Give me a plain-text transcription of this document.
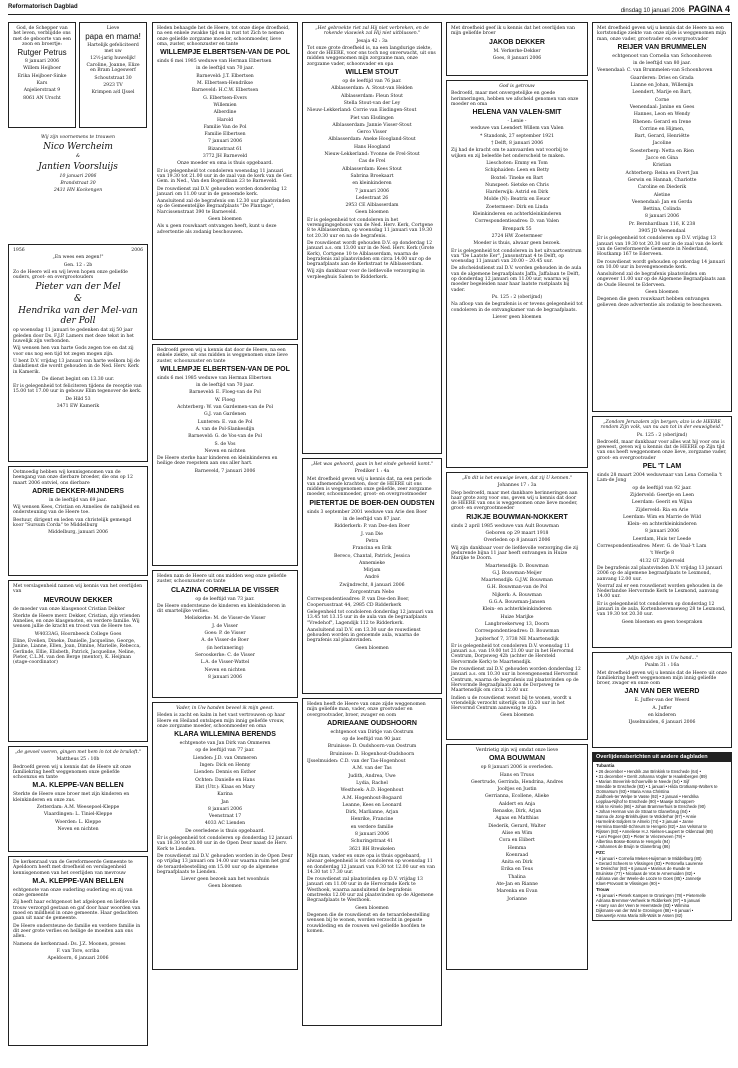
Reformatorisch Dagblad
dinsdag 10 januari 2006 PAGINA 4

God, de Schepper van het leven, verblijdde ons met de geboorte van een zoon en broertje:

Rutger Petrus

8 januari 2006

Willem Heijboer

Erika Heijboer-Sinke

Kars

Anjelierstraat 9

8061 AN Urscht

Lieve

papa en mama!

Hartelijk gefeliciteerd met uw

12½-jarig huwelijk!

Caroline, Joanne, Elize en Bram Logeswerf

Schoutstraat 30

2923 TV

Krimpen a/d IJssel

Wij zijn voornemens te trouwen

Nico Wercheim

&

Jantien Voorsluijs

10 januari 2006

Brandstraat 30

2431 HN Kockengen

1956	2006

„En wees een zegen!"

Gen. 12 : 2b

Zo de Heere wil en wij leven hopen onze geliefde ouders, groot- en overgrootouders

Pieter van der Mel

&

Hendrika van der Mel-van der Poll

op woensdag 11 januari te gedenken dat zij 50 jaar geleden door Ds. F.J.P. Lamers met deze tekst in het huwelijk zijn verbonden.

Wij wensen hen van harte Gods zegen toe en dat zij voor ons nog een tijd tot zegen mogen zijn.

U bent D.V. vrijdag 13 januari van harte welkom bij de dankdienst die wordt gehouden in de Ned. Herv. Kerk in Kamerik.

De dienst begint om 13.30 uur.

Er is gelegenheid tot feliciteren tijdens de receptie van 15.00 tot 17.00 uur in gebouw Elim tegenover de kerk.

De Hild 53

3471 EW Kamerik

Ootmoedig hebben wij kennisgenomen van de heengang van onze dierbare broeder, die ons op 12 maart 2006 ontviel, ons dierbare

ADRIE DEKKER-MIJNDERS

in de leeftijd van 69 jaar.

Wij wensen Kees, Cristian en Annelies de nabijheid en ondersteuning van de Heere toe.

Bestuur, dirigent en leden van christelijk gemengd koor "Sursum Corda" te Middelburg

Middelburg, januari 2006

Met verslagenheid namen wij kennis van het overlijden van

MEVROUW DEKKER

de moeder van onze klasgenoot Cristian Dekker

Sterkte de Heere mevr. Dekker, Cristian, zijn vrienden Annelies, en onze klasgenoten, en verdere familie. Wij wensen jullie de kracht en troost van de Heere toe.

W4033AG, Hoornbeeck College Goes

Eline, Evelien, Dineke, Danielle, Jacqueline, George, Janine, Lianne, Ellen, Joan, Dimine, Marielle, Rebecca, Gerlinde, Ellie, Elisbeth, Patrick, Jacqueline, Neline, Pieter, C.L.M. van den Berge (mentor), K. Heijman (stage-coordinator)

„de gevoel voeren, gingen met hem in tot de bruiloft."

Mattheus 25 : 10b

Bedroefd geven wij u kennis dat de Heere uit onze familiekring heeft weggenomen onze geliefde schoonzus en tante

M.A. KLEPPE-VAN BELLEN

Sterkte de Heere onze broer met zijn kinderen en kleinkinderen en onze zus.

Zetterdam: A.M. Weesepoel-Kleppe

Vlaardingen: L. Tiniel-Kleppe

Woerden: L. Kleppe

Neven en nichten

De kerkenraad van de Gereformeerde Gemeente te Apeldoorn heeft met droefheid en verslagenheid kennisgenomen van het overlijden van mevrouw

M.A. KLEPPE-VAN BELLEN

echtgenote van onze ouderling ouderling en zij van onze gemeente

Zij heeft haar echtgenoot het afgelopen en liefdevolle trouw verzorgd gestaan en gaf door haar woorden van moed en mildheid in onze gemeente. Haar gedachten gaan uit naar de gemeente.

De Heere ondersteune de familie en verdere familie in dit zeer grote verlies en heilige de moeiten aan ons allen.

Namens de kerkenraad: Ds. J.Z. Moonen, preses

F. van Tore, scriba

Apeldoorn, 6 januari 2006

Heden behaagde het de Heere, tot onze diepe droefheid, na een enkele zwakke tijd en in rust tot Zich te nemen onze geliefde zorgzame moeder, schoonmoeder, lieve oma, zuster, schoonzuster en tante

WILLEMPJE ELBERTSEN-VAN DE POL

sinds 6 mei 1985 weduwe van Herman Elbertsen

in de leeftijd van 70 jaar.

Barneveld: J.T. Elbertsen

M. Elbertsen-Hendrikse

Barneveld: H.C.W. Elbertsen

G. Elbertsen-Evers

Willemien

Alberdine

Harold

Familie Van de Pol

Familie Elbertsen

7 januari 2006

Bizanstraat 61

3772 JH Barneveld

Onze moeder en oma is thuis opgebaard.

Er is gelegenheid tot condoleren woensdag 11 januari van 19.30 tot 21.00 uur in de zaal van de kerk van de Ger. Gem. in Ned., Van den Bogerdlaan 23 te Barneveld.

De rouwdienst zal D.V. gehouden worden donderdag 12 januari om 11.00 uur in de genoemde kerk.

Aansluitend zal de begrafenis om 12.30 uur plaatsvinden op de Gemeentelijke Begraafplaats "De Plantage", Narcissenstraat 390 te Barneveld.

Geen bloemen

Als u geen rouwkaart ontvangen heeft, kunt u deze advertentie als zodanig beschouwen.

Bedroefd geven wij u kennis dat door de Heere, na een enkele ziekte, uit ons midden is weggenomen onze lieve zuster, schoonzuster en tante

WILLEMPJE ELBERTSEN-VAN DE POL

sinds 6 mei 1985 weduwe van Herman Elbertsen

in de leeftijd van 70 jaar.

Barneveld: E. Floeg-van de Pol

W. Floeg

Achterberg: W. van Gardemen-van de Pol

G.J. van Gardenen

Lunteren: E. van de Pol

A. van de Pol-Slankesdijn

Barneveld: G. de Vos-van de Pol

S. de Vos

Neven en nichten

De Heere sterke haar kinderen en kleinkinderen en heilige deze roepstem aan ons aller hart.

Barneveld, 7 januari 2006

Heden nam de Heere uit ons midden weg onze geliefde zuster, schoonzuster en tante

CLAZINA CORNELIA DE VISSER

op de leeftijd van 73 jaar.

De Heere ondersteune de kinderen en kleinkinderen in dit smartelijke verlies.

Meliskerke: M. de Visser-de Visser

J. de Visser

Goes: P. de Visser

A. de Visser-de Boer

(in herinnering)

Serooskerke: C. de Visser

L.A. de Visser-Wattel

Neven en nichten

8 januari 2006

Vader, in Uw handen beveel ik mijn geest.

Heden is zacht en kalm in het vast vertrouwen op haar Heere en Heiland ontslapen mijn innig geliefde vrouw, onze zorgzame moeder, schoonmoeder en oma

KLARA WILLEMINA BERENDS

echtgenote van Jan Dirk van Ommeren

op de leeftijd van 77 jaar.

Lienden: J.D. van Ommeren

Ingen: Dick en Henny

Lienden: Dennis en Esther

Ochten: Danielle en Hans

Elst (Utr.): Klaas en Mary

Karina

Jan

8 januari 2006

Veenstraat 17

4033 AC Lienden

De overledene is thuis opgebaard.

Er is gelegenheid tot condoleren op donderdag 12 januari van 18.30 tot 20.00 uur in de Open Deur naast de Herv. Kerk te Lienden.

De rouwdienst zal D.V. gehouden worden in de Open Deur op vrijdag 13 januari om 14.00 uur waarna ruim het graf de teraardebestelling om 15.00 uur op de algemene begraafplaats te Lienden.

Liever geen bezoek aan het woonhuis

Geen bloemen

„Het gebroekte riet zal Hij niet verbreken, en de rokende vlaswiek zal Hij niet uitblussen."

Jesaja 42 : 3a

Tot onze grote droefheid is, na een langdurige ziekte, door de HEERE, voor ons toch nog onverwacht, uit ons midden weggenomen mijn zorgzame man, onze zorgzame vader, schoonvader en opa

WILLEM STOUT

op de leeftijd van 76 jaar.

Alblasserdam: A. Stout-van Helden

Alblasserdam: Fleun Stout

Stella Stout-van der Ley

Nieuw-Lekkerland: Corrie van Eisdingen-Stout

Piet van Elsdingen

Alblasserdam: Jannie Visser-Stout

Gerco Visser

Alblasserdam: Aneke Hoogland-Stout

Hans Hoogland

Nieuw-Lekkerland: Yvonne de Frel-Stout

Cas de Frel

Alblasserdam: Kees Stout

Sabrina Broekaart

en kleinkinderen

7 januari 2006

Ledestraat 26

2953 CE Alblasserdam

Geen bloemen

Er is gelegenheid tot condoleren in het verenigingsgebouw van de Ned. Herv. Kerk, Cortgene 8 te Alblasserdam, op woensdag 11 januari van 19.30 tot 20.30 uur en na de begrafenis.

De rouwdienst wordt gehouden D.V. op donderdag 12 januari a.s. om 13.00 uur in de Ned. Herv. Kerk (Grote Kerk), Cortgene 10 te Alblasserdam, waarna de begrafenis zal plaatsvinden om circa 14.00 uur op de begraafplaats aan de Kerkstraat te Alblasserdam.

Wij zijn dankbaar voor de liefdevolle verzorging in verpleeghuis Salem te Ridderkerk.

„Het was gehoord, gaan in het einde geheeld komt."

Prediker 1 : 4a

Met droefheid geven wij u kennis dat, na een periode van afnemende krachten, door de HEERE uit ons midden is weggenomen onze geliefde, zeer zorgzame moeder, schoonmoeder, groot- en overgrootmoeder

PIETERTJE DE BOER-DEN OUDSTEN

sinds 3 september 2001 weduwe van Arie den Boer

in de leeftijd van 87 jaar.

Ridderkerk: P. van Dse-den Boer

J. van Die

Petra

Francina en Erik

Bereco, Chantal, Patrick, Jessica

Annemieke

Mirjam

André

Zwijndrecht, 8 januari 2006

Zorgcentrum Nebo

Correspondentieadres: P. van Dse-den Boer, Cooperusstraat 44, 2985 CD Ridderkerk

Gelegenheid tot condoleren donderdag 12 januari van 13.45 tot 13.15 uur in de aula van de begraafplaats "Vredehof", Lagendijk 112 te Ridderkerk.

Aansluitend zal D.V. om 13.30 uur de rouwdienst gehouden worden in genoemde aula, waarna de begrafenis zal plaatsvinden.

Geen bloemen

Heden heeft de Heere van onze zijde weggenomen mijn geliefde man, vader, onze grootvader en overgrootvader, broer, zwager en oom

ADRIEAANE OUDSHOORN

echtgenoot van Dirkje van Oostrum

op de leeftijd van 90 jaar.

Bruinisse: D. Oudshoorn-van Oostrum

Bruinisse: D. Hogenhout-Oudshoorn

IJsselmuiden: C.D. van der Tas-Hogenhout

A.M. van der Tas

Judith, Andrea, Uwe

Lydia, Rachel

Westhoek: A.D. Hogenhout

A.M. Hogenhout-Bogaard

Leanne, Kees en Leonard

Dirk, Marlianne, Arjan

Henrike, Francine

en verdere familie

8 januari 2006

Schuringstraat 41

3621 BH Breukelen

Mijn man, vader en onze opa is thuis opgebaard, alwaar gelegenheid is tot condoleren op woensdag 11 en donderdag 12 januari van 9.30 tot 12.00 uur en van 14.30 tot 17.30 uur.

De rouwdienst zal plaatsvinden op D.V. vrijdag 13 januari om 11.00 uur in de Hervormde Kerk te Westhoek, waarna aansluitend de begrafenis omstreeks 12.00 uur zal plaatsvinden op de Algemene Begraafplaats te Westhoek.

Geen bloemen

Degenen die de rouwdienst en de teraardebestelling wensen bij te wonen, worden verzocht in gepaste rouwkleding en de rouwen wel geliefde hoofden te komen.

Met droefheid geef ik u kennis dat het overlijden van mijn geliefde broer

JAKOB DEKKER

M. Verkerke-Dekker

Goes, 8 januari 2006

God is getrouw

Bedroefd, maar met onvergetelijke en goede herinneringen, hebben we afscheid genomen van onze moeder en oma

HELENA VAN VALEN-SMIT

- Lenie -

weduwe van Leendert Willem van Valen

* Standonk, 27 september 1921

† Delft, 8 januari 2006

Zij had de kracht om te aanvaarden wat voorbij te wijken en zij beleefde het onderscheid te maken.

Lieschoten: Emmy en Tom

Schiphaiden: Leen en Betty

Boxtel: Tineke en Bart

Nunspeet: Sietske en Chris

Harderwijk: Astrid en Dirk

Molde (N): Beatrix en Eeuor

Zoetermeer: Dirk en Linda

Kleinkinderen en achterkleinkinderen

Correspondentieadres: D. van Valen

Brenpark 55

2724 HW Zoetermeer

Moeder is thuis, alwaar geen bezoek.

Er is gelegenheid tot condoleren in het uitvaartcentrum van "De Laatste Eer", Jansonstraat 4 te Delft, op woensdag 11 januari van 20.00 – 20.45 uur.

De afscheidsdienst zal D.V. worden gehouden in de aula van de algemene begraafplaats Jaffa, Jaffalaan te Delft, op donderdag 12 januari om 11.00 uur, waarna wij moeder begeleiden naar haar laatste rustplaats bij vader.

Ps. 125 : 2 (oberijmd)

Na afloop van de begrafenis is er tevens gelegenheid tot condoleren in de ontvangkamer van de begraafplaats.

Liever geen bloemen

„En dit is het eeuwige leven, dat zij U kennen."

Johannes 17 : 3a

Diep bedroefd, maar met dankbare herinneringen aan haar grote zorg voor ons, geven wij u kennis dat door de HEERE van ons is weggenomen onze lieve moeder, groot- en overgrootmoeder

RIJKJE BOUWMAN-NOKKERT

sinds 2 april 1985 weduwe van Ault Bouwman

Geboren op 29 maart 1918

Overleden op 8 januari 2006

Wij zijn dankbaar voor de liefdevolle verzorging die zij gedurende bijna 11 jaar heeft ontvangen in Huize Marijke te Doorn.

Maartensdijk: D. Bouwman

G.J. Bouwman-Meijer

Maartensdijk: G.J.W. Bouwman

G.H. Bouwman-van de Pol

Nijkerk: A. Bouwman

G.G.A. Bouwman-Jansen

Klein- en achterkleinkinderen

Huize Marijke

Langbroekerweg 13, Doorn

Correspondentieadres: D. Bouwman

Jupiterhof 7, 3738 NE Maartensdijk

Er is gelegenheid tot condoleren D.V. woensdag 11 januari a.s. van 19.00 tot 21.00 uur in het Hervormd Centrum, Dorpsweg 42b (achter de Hersteld Hervormde Kerk) te Maartensdijk.

De rouwdienst zal D.V. gehouden worden donderdag 12 januari a.s. om 10.30 uur in bovengenoemd Hervormd Centrum, waarna de begrafenis zal plaatsvinden op de Hervormde Begraafplaats aan de Dorpsweg te Maartensdijk om circa 12.00 uur.

Indien u de rouwdienst wenst bij te wonen, wordt u vriendelijk verzocht uiterlijk om 10.20 uur in het Hervormd Centrum aanwezig te zijn.

Geen bloemen

Verdrietig zijn wij omdat onze lieve

OMA BOUWMAN

op 8 januari 2006 is overleden.

Hans en Truus

Geertrude, Gerrinda, Hendrina, Andres

Jooltjes en Justin

Gerrianna, Ecollene, Alieke

Aaldert en Anja

Renaske, Dirk, Arjan

Agaas en Matthias

Diederik, Gerard, Walter

Alise en Wim

Cora en Elibert

Hemma

Koenraad

Anita en Dirk

Erika en Teus

Thalina

Ate-Jan en Rianne

Marenka en Evan

Jorianne

Met droefheid geven wij u kennis dat de Heere na een kortstondige ziekte van onze zijde is weggenomen mijn man, onze vader, grootvader en overgrootvader

REIJER VAN BRUMMELEN

echtgenoot van Cornelia van Schoonhoven

in de leeftijd van 80 jaar.

Veenendaal: C. van Brummelen-van Schoonhoven

Gaarderen: Dries en Grada

Lianne en Johan, Willemijn

Leendert, Marije en Bart,

Corne

Veenendaal: Janine en Gees

Hannes, Leon en Wendy

Rhenen: Gerard en Irene

Corrine en Hijmen,

Bart, Gerard, Henriëtte

Jacoline

Soesterberg: Netta en Rien

Jacco en Gina

Kristian

Achterberg: Reina en Evert Jan

Gerwin en Hannah, Charlotte

Caroline en Diederik

Aletine

Veenendaal: Jan en Gerda

Bettina, Colinda

8 januari 2006

Pr. Bernhardlaan 116, K 238

3905 JD Veenendaal

Er is gelegenheid tot condoleren op D.V. vrijdag 13 januari van 19.30 tot 20.30 uur in de zaal van de kerk van de Gereformeerde Gemeente in Nederland, Houtkamp 167 te Ederveen.

De rouwdienst wordt gehouden op zaterdag 14 januari om 10.00 uur in bovengenoemde kerk.

Aansluitend zal de begrafenis plaatsvinden om ongeveer 11.00 uur op de Algemene Begraafplaats aan de Oude Heuvel te Ederveen.

Geen bloemen

Degenen die geen rouwkaart hebben ontvangen gelieven deze advertentie als zodanig te beschouwen.

„Zondom Jeruzalem zijn bergen; alzo is de HEERE rondom Zijn volk, van nu aan tot in der eeuwigheid."

Ps. 125 : 2 (oberijmd)

Bedroefd, maar dankbaar voor alles wat hij voor ons is geweest, geven wij u kennis dat de HEERE op Zijn tijd van ons heeft weggenomen onze lieve, zorgzame vader, groot- en overgrootvader

PEL 'T LAM

sinds 28 maart 2004 weduwnaar van Lena Cornelia 't Lam-de Jong

op de leeftijd van 92 jaar.

Zijderveld: Geertje en Leen

Leerdam: Geerit en Wijna

Zijderveld: Ria en Arie

Leerdam: Wim en Marrie de Wild

Klein- en achterkleinkinderen

8 januari 2006

Leerdam, Huis ter Leede

Correspondentieadres: Mevr. G. de Vaal-'t Lam

't Werfje 8

4132 GT Zijderveld

De begrafenis zal plaatsvinden D.V. vrijdag 13 januari 2006 op de algemene begraafplaats te Lexmond, aanvang 12.00 uur.

Voorraf zal er een rouwdienst worden gehouden in de Nederlandse Hervormde Kerk te Lexmond, aanvang 14.00 uur.

Er is gelegenheid tot condoleren op donderdag 12 januari in de aula, Kortenhoevenseweg 28 te Lexmond, van 19.30 tot 20.30 uur.

Geen bloemen en geen toespraken

„Mijn tijden zijn in Uw hand..."

Psalm 31 : 16a

Met droefheid geven wij u kennis dat de Heere uit onze familiekring heeft weggenomen mijn innig geliefde broer, zwager en onze oom

JAN VAN DER WEERD

E. Juffer-van der Weerd

A. Juffer

en kinderen

IJsselmuiden, 6 januari 2006

Overlijdensberichten uit andere dagbladen
Tubantia
• 26 december • Hendrik Jan Brinkink te Enschede (64) •
• 31 december • Gerrit Johanna Vogler te Haaksbergen (89)
• Marian Steverink-Schoenville te Neede (54) • Sijf
Smedde te Enschede (83) • 1 januari • Hilda Grotkamp-Wolters te Ootmarsum (93) • Maria Anna Christina
Zuidhoek-ter Welpe te Vasse (92) • 2 januari • Hendrika
Lepplaa-Nijhof te Enschede (90) • Maasje Schoppert-
Klok te Almelo (86) • Johan Brammerhuis te Enschede (90)
• Johan Herman van de Straat te Glanerbrug (84) •
Sanna de Jong-Brinkhuijsen te Wolderhar (97) • Annie
Harmelink-Soljders te Almelo (74) • 3 januari • Janne
Hermina Boersbl-Schreurs te Hengelo (82) • Jan Velsmar te
Rijssen (83) • Anneliese H.J. Nielsen-Laupert te Oldenzaal (88)
• Leni Pegeer (83) • Pieter te Vriezenveen (79) •
Albertina Bosse-Bosma te Hengelo (94)
• Johannes de Bruijn te Glanerbrug (86)
PZC
• 4 januari • Cornelia Mekes-Huijsman te Middelburg (80)
• Gerard Scheers te Vlissingen (83) • Petronella Laurense
te Dreischor (93) • 6 januari • Marinus de Kwade te
Bruinisse (77) • Nicolaas de Vos te Arnemuiden (82) •
Adriana van der Weele-de Looze te Goes (85) • Jannetje
Kloet-Provoost te Vlissingen (90) •
Trouw
• 5 januari • Pieterk Kampen te Groningen (78) • Pieternelle
Adriana Bremmer-Verheek te Ridderkerk (97) • 5 januari
• Harry van der Veen te Heemstede (83) • Wilmina
Dijkmans-van der Wal te Groningen (88) • 6 januari •
Dieuwertje Anna Maria Silk-Wals te Assen (82)
